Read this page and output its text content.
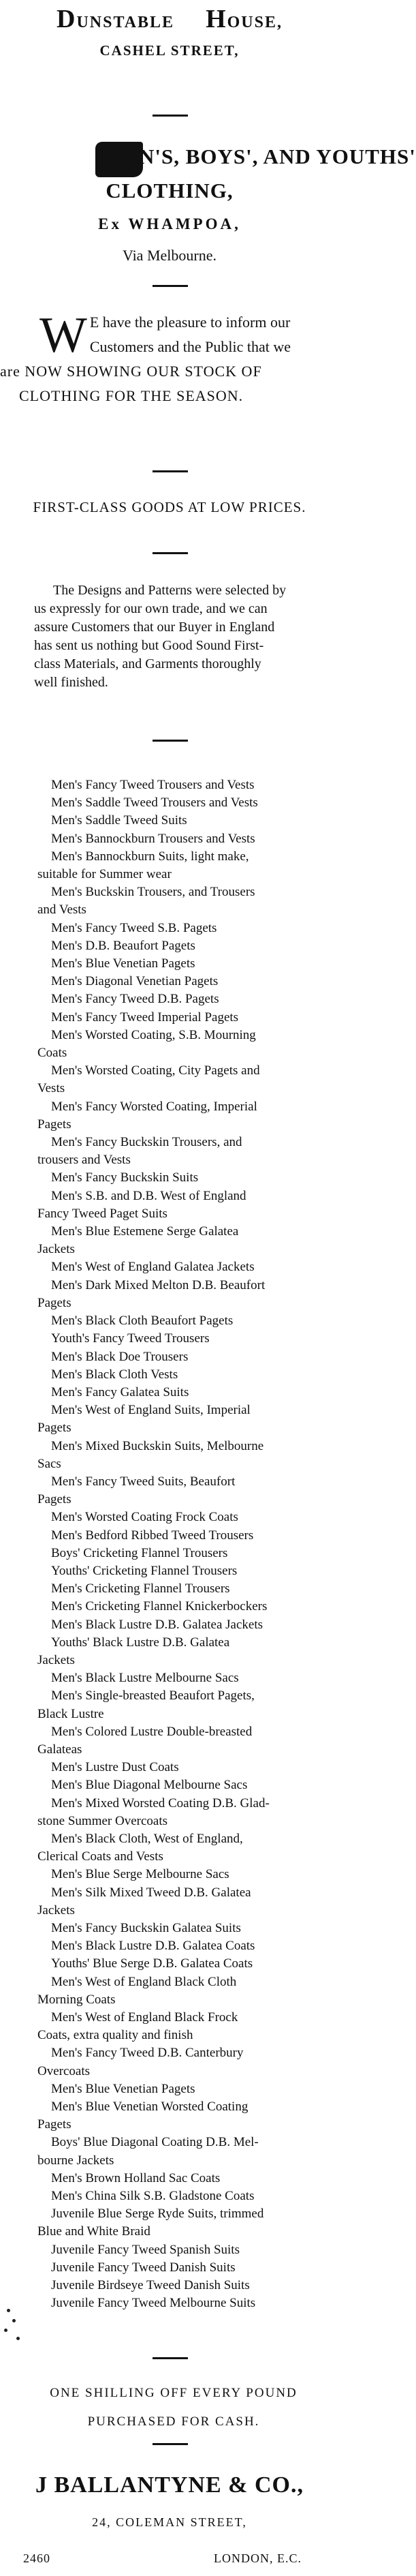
DUNSTABLE HOUSE,
CASHEL STREET,
N'S, BOYS', AND YOUTHS'
CLOTHING,
Ex WHAMPOA,
Via Melbourne.
W E have the pleasure to inform our
Customers and the Public that we
are NOW SHOWING OUR STOCK OF
CLOTHING FOR THE SEASON.
FIRST-CLASS GOODS AT LOW PRICES.
The Designs and Patterns were selected by
us expressly for our own trade, and we can
assure Customers that our Buyer in England
has sent us nothing but Good Sound First-
class Materials, and Garments thoroughly
well finished.
Men's Fancy Tweed Trousers and Vests
Men's Saddle Tweed Trousers and Vests
Men's Saddle Tweed Suits
Men's Bannockburn Trousers and Vests
Men's Bannockburn Suits, light make,
suitable for Summer wear
Men's Buckskin Trousers, and Trousers
and Vests
Men's Fancy Tweed S.B. Pagets
Men's D.B. Beaufort Pagets
Men's Blue Venetian Pagets
Men's Diagonal Venetian Pagets
Men's Fancy Tweed D.B. Pagets
Men's Fancy Tweed Imperial Pagets
Men's Worsted Coating, S.B. Mourning
Coats
Men's Worsted Coating, City Pagets and
Vests
Men's Fancy Worsted Coating, Imperial
Pagets
Men's Fancy Buckskin Trousers, and
trousers and Vests
Men's Fancy Buckskin Suits
Men's S.B. and D.B. West of England
Fancy Tweed Paget Suits
Men's Blue Estemene Serge Galatea
Jackets
Men's West of England Galatea Jackets
Men's Dark Mixed Melton D.B. Beaufort
Pagets
Men's Black Cloth Beaufort Pagets
Youth's Fancy Tweed Trousers
Men's Black Doe Trousers
Men's Black Cloth Vests
Men's Fancy Galatea Suits
Men's West of England Suits, Imperial
Pagets
Men's Mixed Buckskin Suits, Melbourne
Sacs
Men's Fancy Tweed Suits, Beaufort
Pagets
Men's Worsted Coating Frock Coats
Men's Bedford Ribbed Tweed Trousers
Boys' Cricketing Flannel Trousers
Youths' Cricketing Flannel Trousers
Men's Cricketing Flannel Trousers
Men's Cricketing Flannel Knickerbockers
Men's Black Lustre D.B. Galatea Jackets
Youths' Black Lustre D.B. Galatea
Jackets
Men's Black Lustre Melbourne Sacs
Men's Single-breasted Beaufort Pagets,
Black Lustre
Men's Colored Lustre Double-breasted
Galateas
Men's Lustre Dust Coats
Men's Blue Diagonal Melbourne Sacs
Men's Mixed Worsted Coating D.B. Glad-
stone Summer Overcoats
Men's Black Cloth, West of England,
Clerical Coats and Vests
Men's Blue Serge Melbourne Sacs
Men's Silk Mixed Tweed D.B. Galatea
Jackets
Men's Fancy Buckskin Galatea Suits
Men's Black Lustre D.B. Galatea Coats
Youths' Blue Serge D.B. Galatea Coats
Men's West of England Black Cloth
Morning Coats
Men's West of England Black Frock
Coats, extra quality and finish
Men's Fancy Tweed D.B. Canterbury
Overcoats
Men's Blue Venetian Pagets
Men's Blue Venetian Worsted Coating
Pagets
Boys' Blue Diagonal Coating D.B. Mel-
bourne Jackets
Men's Brown Holland Sac Coats
Men's China Silk S.B. Gladstone Coats
Juvenile Blue Serge Ryde Suits, trimmed
Blue and White Braid
Juvenile Fancy Tweed Spanish Suits
Juvenile Fancy Tweed Danish Suits
Juvenile Birdseye Tweed Danish Suits
Juvenile Fancy Tweed Melbourne Suits
ONE SHILLING OFF EVERY POUND
PURCHASED FOR CASH.
J BALLANTYNE & CO.,
24, COLEMAN STREET,
2460	LONDON, E.C.
